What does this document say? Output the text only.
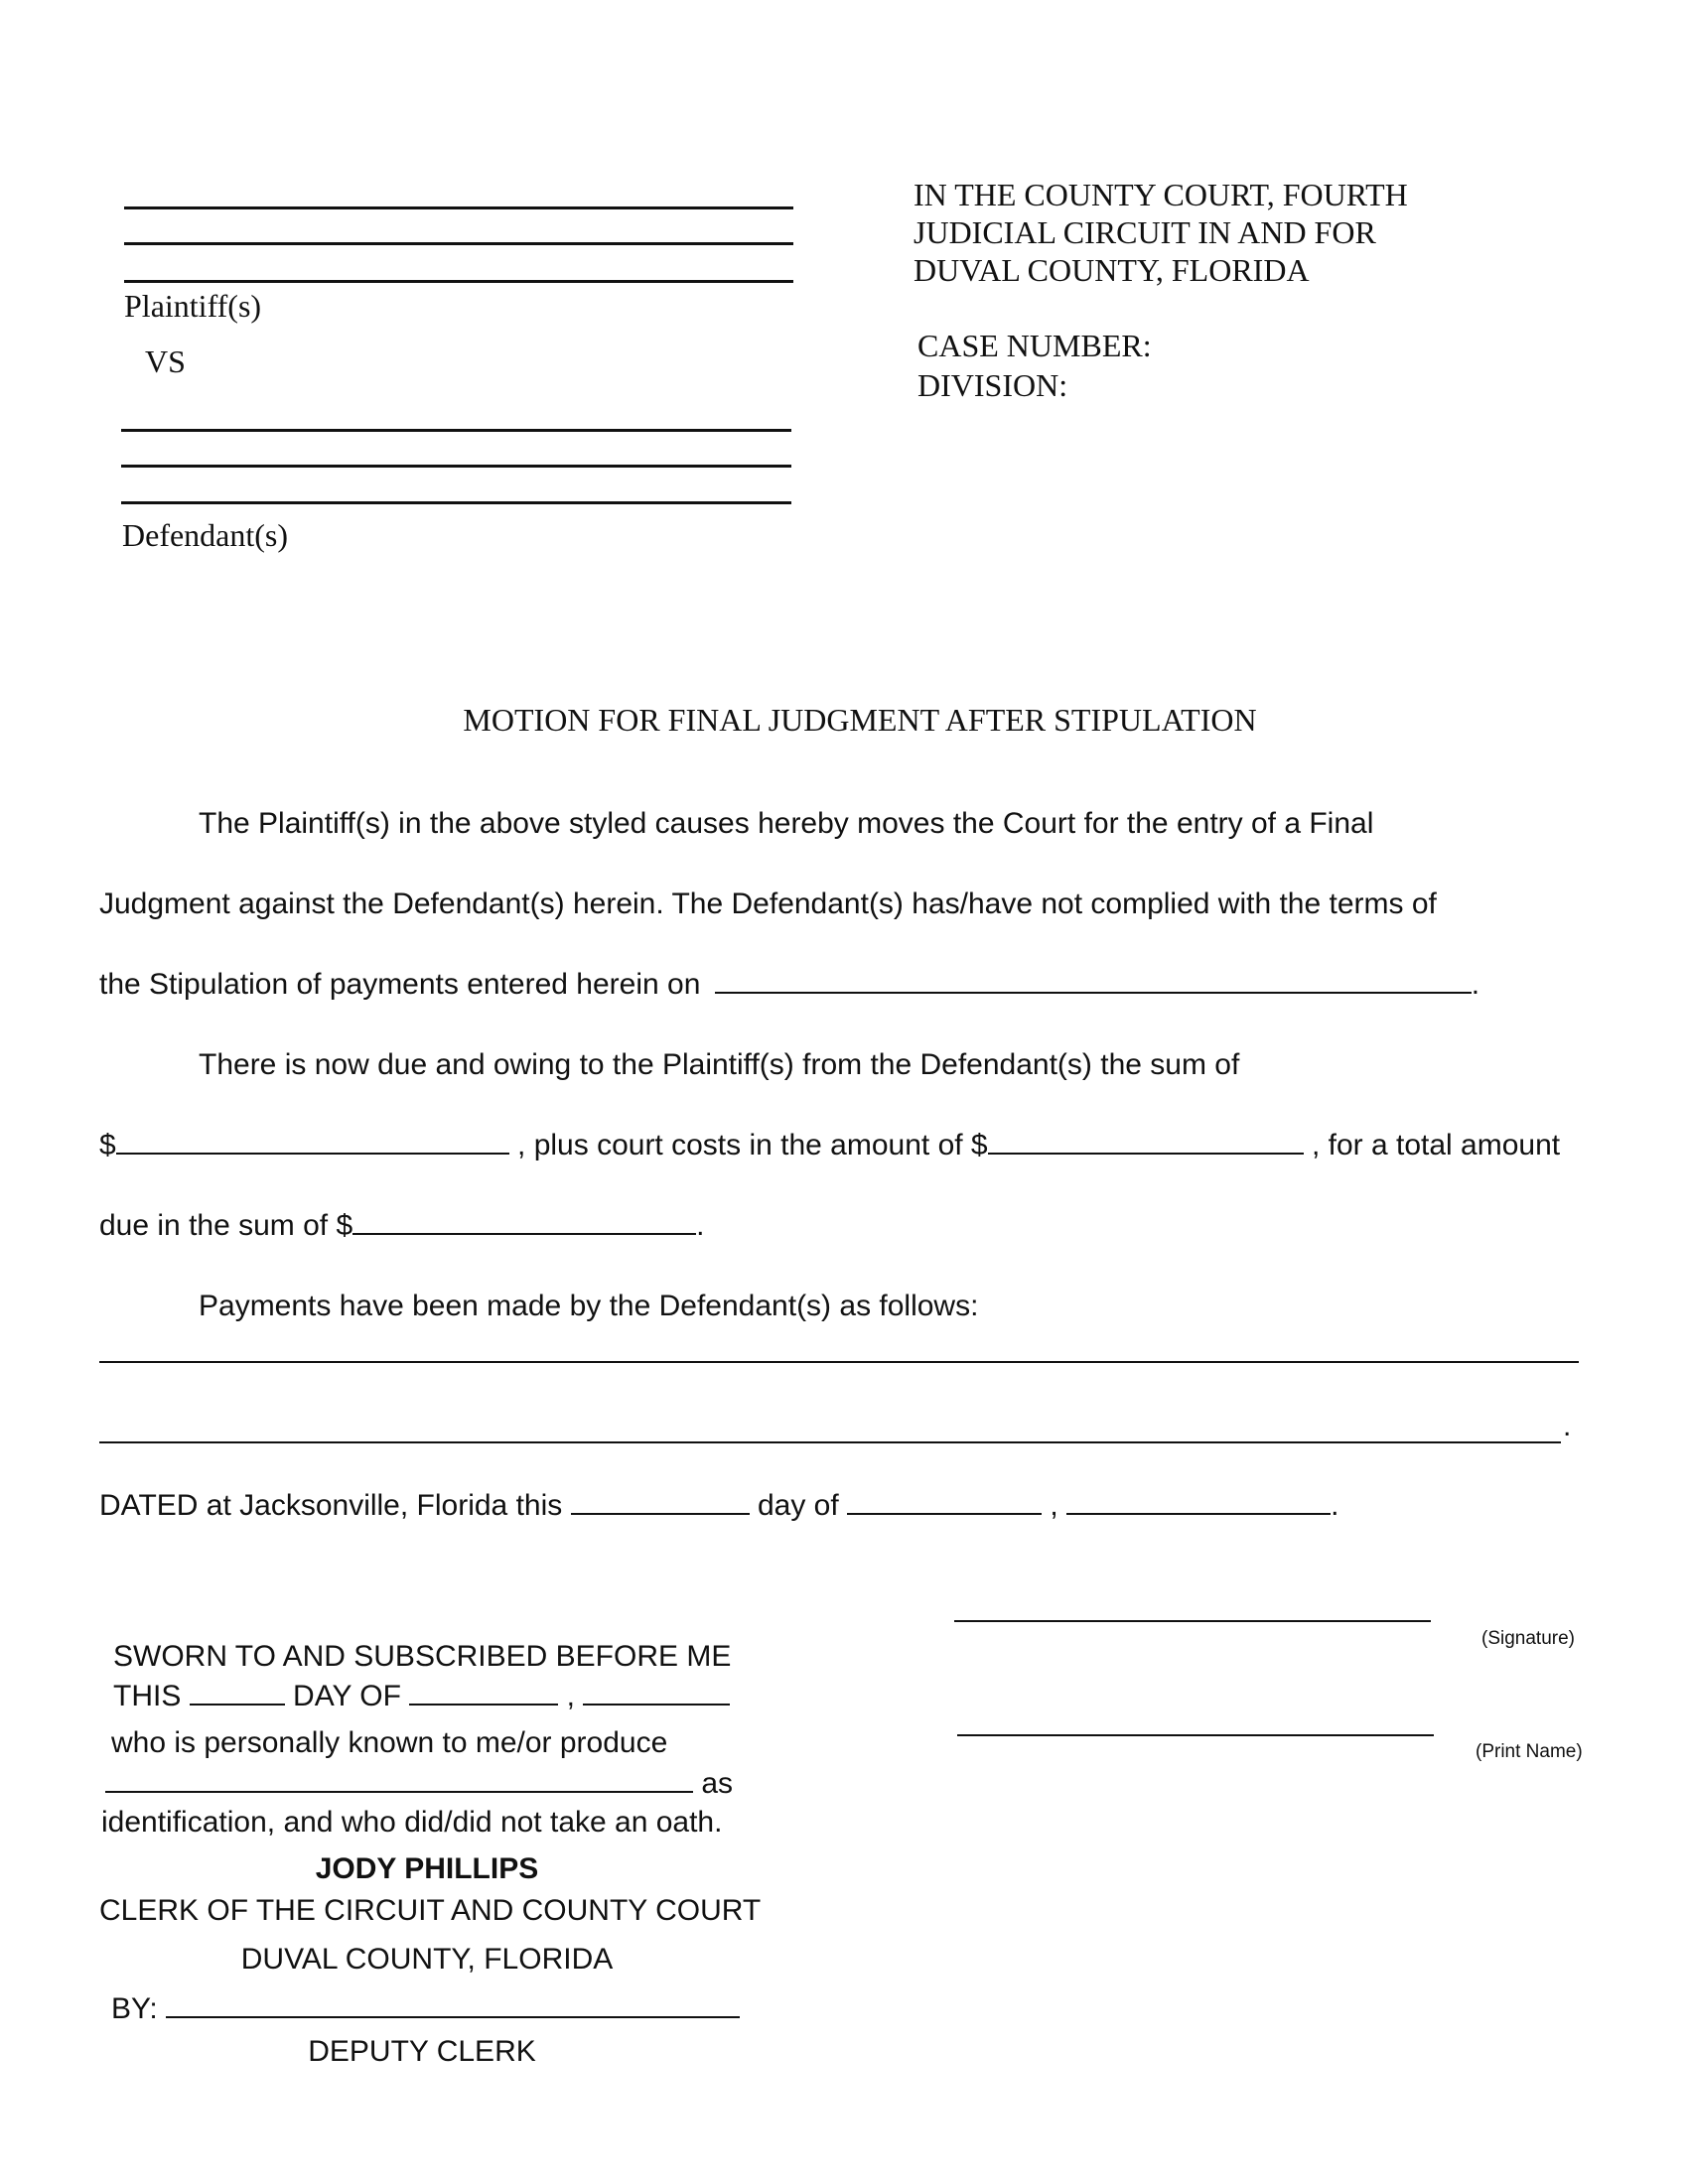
Plaintiff(s)
VS
Defendant(s)
IN THE COUNTY COURT, FOURTH
JUDICIAL CIRCUIT IN AND FOR
DUVAL COUNTY, FLORIDA
CASE NUMBER:
DIVISION:
MOTION FOR FINAL JUDGMENT AFTER STIPULATION
The Plaintiff(s) in the above styled causes hereby moves the Court for the entry of a Final
Judgment against the Defendant(s) herein. The Defendant(s) has/have not complied with the terms of
the Stipulation of payments entered herein on	.
There is now due and owing to the Plaintiff(s) from the Defendant(s) the sum of
$	, plus court costs in the amount of $	, for a total amount
due in the sum of $	.
Payments have been made by the Defendant(s) as follows:
.
DATED at Jacksonville, Florida this	day of	,	.
(Signature)
(Print Name)
SWORN TO AND SUBSCRIBED BEFORE ME
THIS	DAY OF	,
who is personally known to me/or produce
as
identification, and who did/did not take an oath.
JODY PHILLIPS
CLERK OF THE CIRCUIT AND COUNTY COURT
DUVAL COUNTY, FLORIDA
BY:
DEPUTY CLERK
